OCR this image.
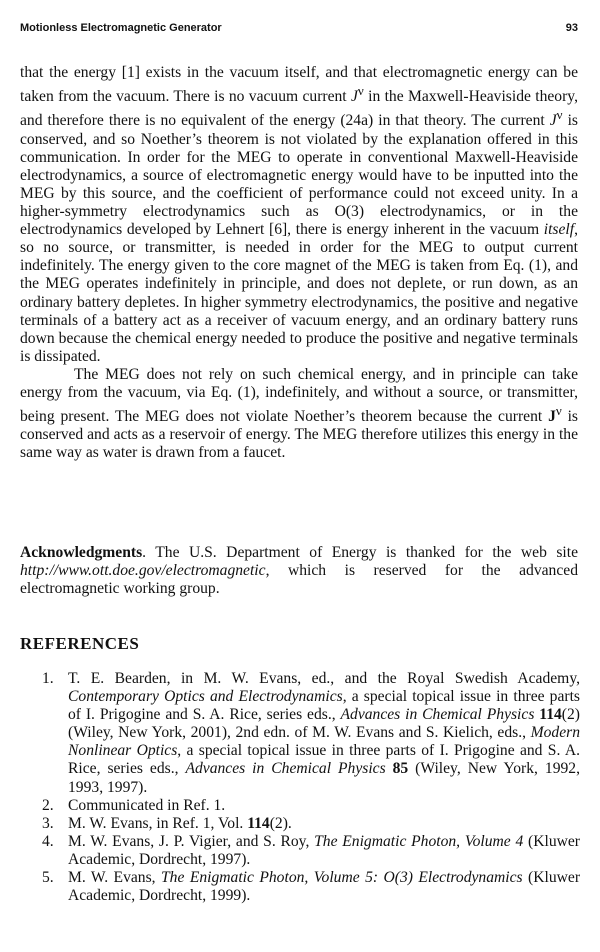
Motionless Electromagnetic Generator	93

that the energy [1] exists in the vacuum itself, and that electromagnetic energy can be taken from the vacuum. There is no vacuum current $J^\nu$ in the Maxwell-Heaviside theory, and therefore there is no equivalent of the energy (24a) in that theory. The current $J^\nu$ is conserved, and so Noether’s theorem is not violated by the explanation offered in this communication. In order for the MEG to operate in conventional Maxwell-Heaviside electrodynamics, a source of electromagnetic energy would have to be inputted into the MEG by this source, and the coefficient of performance could not exceed unity. In a higher-symmetry electrodynamics such as O(3) electrodynamics, or in the electrodynamics developed by Lehnert [6], there is energy inherent in the vacuum itself, so no source, or transmitter, is needed in order for the MEG to output current indefinitely. The energy given to the core magnet of the MEG is taken from Eq. (1), and the MEG operates indefinitely in principle, and does not deplete, or run down, as an ordinary battery depletes. In higher symmetry electrodynamics, the positive and negative terminals of a battery act as a receiver of vacuum energy, and an ordinary battery runs down because the chemical energy needed to produce the positive and negative terminals is dissipated.

The MEG does not rely on such chemical energy, and in principle can take energy from the vacuum, via Eq. (1), indefinitely, and without a source, or transmitter, being present. The MEG does not violate Noether’s theorem because the current $J^\nu$ is conserved and acts as a reservoir of energy. The MEG therefore utilizes this energy in the same way as water is drawn from a faucet.

Acknowledgments. The U.S. Department of Energy is thanked for the web site http://www.ott.doe.gov/electromagnetic, which is reserved for the advanced electromagnetic working group.
REFERENCES
1. T. E. Bearden, in M. W. Evans, ed., and the Royal Swedish Academy, Contemporary Optics and Electrodynamics, a special topical issue in three parts of I. Prigogine and S. A. Rice, series eds., Advances in Chemical Physics 114(2) (Wiley, New York, 2001), 2nd edn. of M. W. Evans and S. Kielich, eds., Modern Nonlinear Optics, a special topical issue in three parts of I. Prigogine and S. A. Rice, series eds., Advances in Chemical Physics 85 (Wiley, New York, 1992, 1993, 1997).
2. Communicated in Ref. 1.
3. M. W. Evans, in Ref. 1, Vol. 114(2).
4. M. W. Evans, J. P. Vigier, and S. Roy, The Enigmatic Photon, Volume 4 (Kluwer Academic, Dordrecht, 1997).
5. M. W. Evans, The Enigmatic Photon, Volume 5: O(3) Electrodynamics (Kluwer Academic, Dordrecht, 1999).
